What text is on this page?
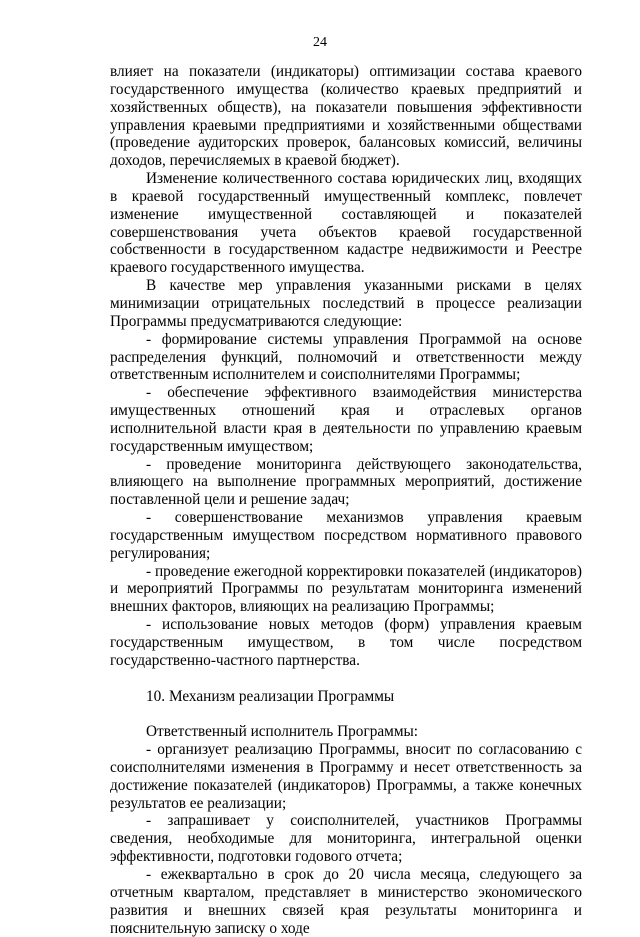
24

влияет на показатели (индикаторы) оптимизации состава краевого государственного имущества (количество краевых предприятий и хозяйственных обществ), на показатели повышения эффективности управления краевыми предприятиями и хозяйственными обществами (проведение аудиторских проверок, балансовых комиссий, величины доходов, перечисляемых в краевой бюджет).

Изменение количественного состава юридических лиц, входящих в краевой государственный имущественный комплекс, повлечет изменение имущественной составляющей и показателей совершенствования учета объектов краевой государственной собственности в государственном кадастре недвижимости и Реестре краевого государственного имущества.

В качестве мер управления указанными рисками в целях минимизации отрицательных последствий в процессе реализации Программы предусматриваются следующие:

- формирование системы управления Программой на основе распределения функций, полномочий и ответственности между ответственным исполнителем и соисполнителями Программы;

- обеспечение эффективного взаимодействия министерства имущественных отношений края и отраслевых органов исполнительной власти края в деятельности по управлению краевым государственным имуществом;

- проведение мониторинга действующего законодательства, влияющего на выполнение программных мероприятий, достижение поставленной цели и решение задач;

- совершенствование механизмов управления краевым государственным имуществом посредством нормативного правового регулирования;

- проведение ежегодной корректировки показателей (индикаторов) и мероприятий Программы по результатам мониторинга изменений внешних факторов, влияющих на реализацию Программы;

- использование новых методов (форм) управления краевым государственным имуществом, в том числе посредством государственно-частного партнерства.

10. Механизм реализации Программы

Ответственный исполнитель Программы:

- организует реализацию Программы, вносит по согласованию с соисполнителями изменения в Программу и несет ответственность за достижение показателей (индикаторов) Программы, а также конечных результатов ее реализации;

- запрашивает у соисполнителей, участников Программы сведения, необходимые для мониторинга, интегральной оценки эффективности, подготовки годового отчета;

- ежеквартально в срок до 20 числа месяца, следующего за отчетным кварталом, представляет в министерство экономического развития и внешних связей края результаты мониторинга и пояснительную записку о ходе
